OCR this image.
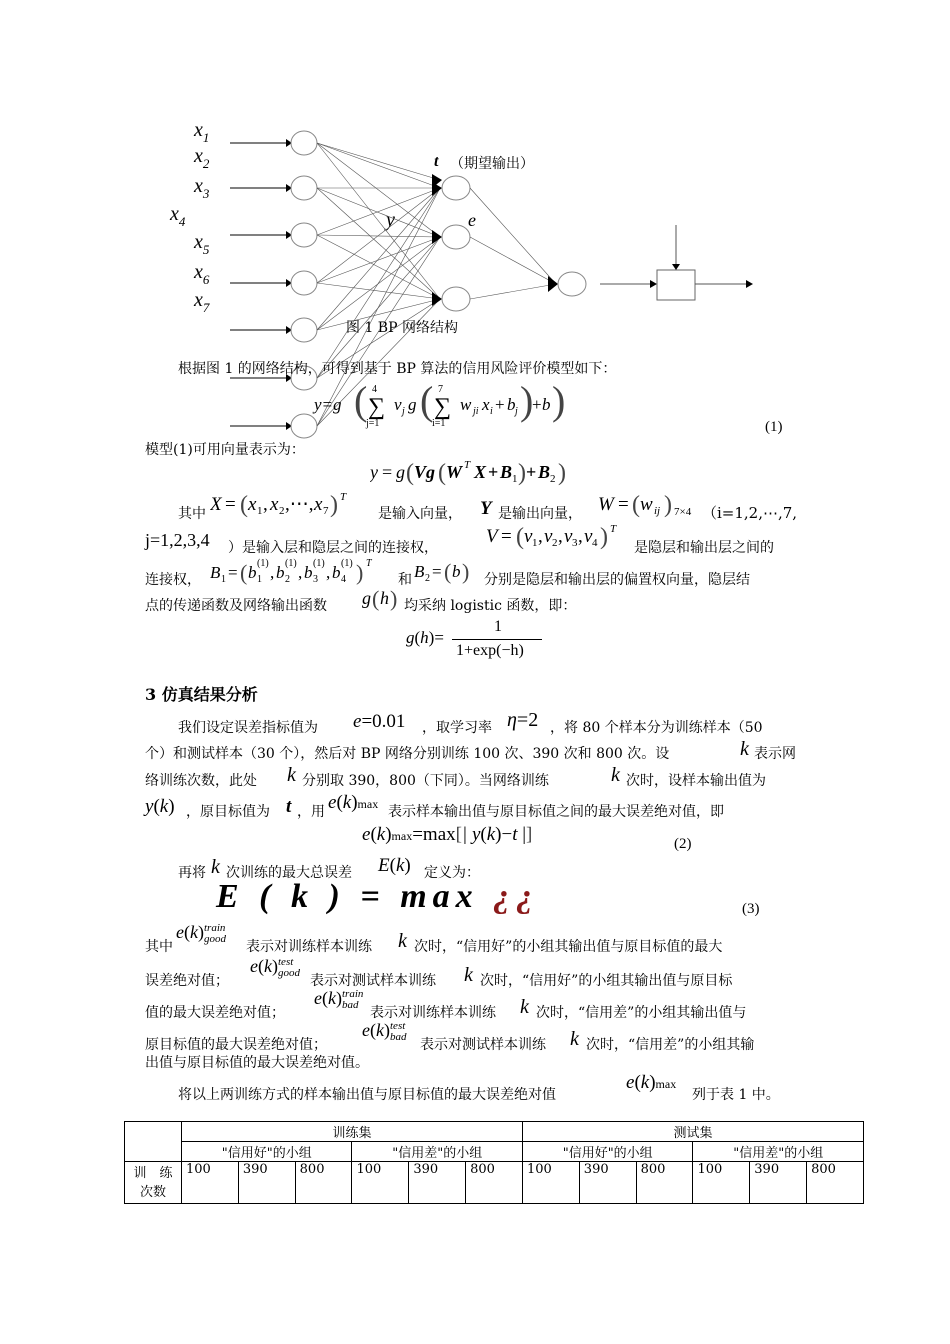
$x_1$
$x_2$
$x_3$
$x_4$
$x_5$
$x_6$
$x_7$
y
t
e
（期望输出）
图 1 BP 网络结构
根据图 1 的网络结构，可得到基于 BP 算法的信用风险评价模型如下：
y=g ( ∑
4
j=1
v j g ( ∑
7
i=1
w ji x i + b j )
+ b )
(1)
模型(1)可用向量表示为：
y = g ( Vg ( W T X + B 1 ) + B 2 )
其中 X = ( x 1 , x 2 ,⋯, x 7 ) T
是输入向量， Y 是输出向量， W = ( w ij ) 7×4 （i=1,2,⋯,7,
j=1,2,3,4 ）是输入层和隐层之间的连接权，
V = ( v 1 , v 2 , v 3 , v 4 ) T
是隐层和输出层之间的
连接权， B 1 = ( b (1)
1 , b (1)
2 , b (1)
3 , b (1)
4 ) T
和 B 2 = ( b ) 分别是隐层和输出层的偏置权向量，隐层结
点的传递函数及网络输出函数 g ( h ) 均采纳 logistic 函数，即：
g(h)=
1
1+exp(−h)
3 仿真结果分析
我们设定误差指标值为 e=0.01 ，取学习率 η=2 ，将 80 个样本分为训练样本（50
个）和测试样本（30 个），然后对 BP 网络分别训练 100 次、390 次和 800 次。设	k 表示网
络训练次数，此处 k 分别取 390，800（下同）。当网络训练	k 次时，设样本输出值为
y(k) ，原目标值为 t ，用 e(k)max 表示样本输出值与原目标值之间的最大误差绝对值，即
e(k)max=max[| y(k)−t |]	(2)
再将 k 次训练的最大总误差 E(k) 定义为：
E ( k ) = max ¿¿	(3)
其中
e(k)train
good
表示对训练样本训练 k 次时，“信用好”的小组其输出值与原目标值的最大
误差绝对值；
e(k)test
good
表示对测试样本训练 k 次时，“信用好”的小组其输出值与原目标
值的最大误差绝对值；
e(k)train
bad
表示对训练样本训练 k 次时，“信用差”的小组其输出值与
原目标值的最大误差绝对值；
e(k)test
bad
表示对测试样本训练 k 次时，“信用差”的小组其输
出值与原目标值的最大误差绝对值。
将以上两训练方式的样本输出值与原目标值的最大误差绝对值
e(k)max
列于表 1 中。
	训练集						测试集					
	"信用好"的小组			"信用差"的小组			"信用好"的小组			"信用差"的小组		
训　练
次数	100	390	800	100	390	800	100	390	800	100	390	800
